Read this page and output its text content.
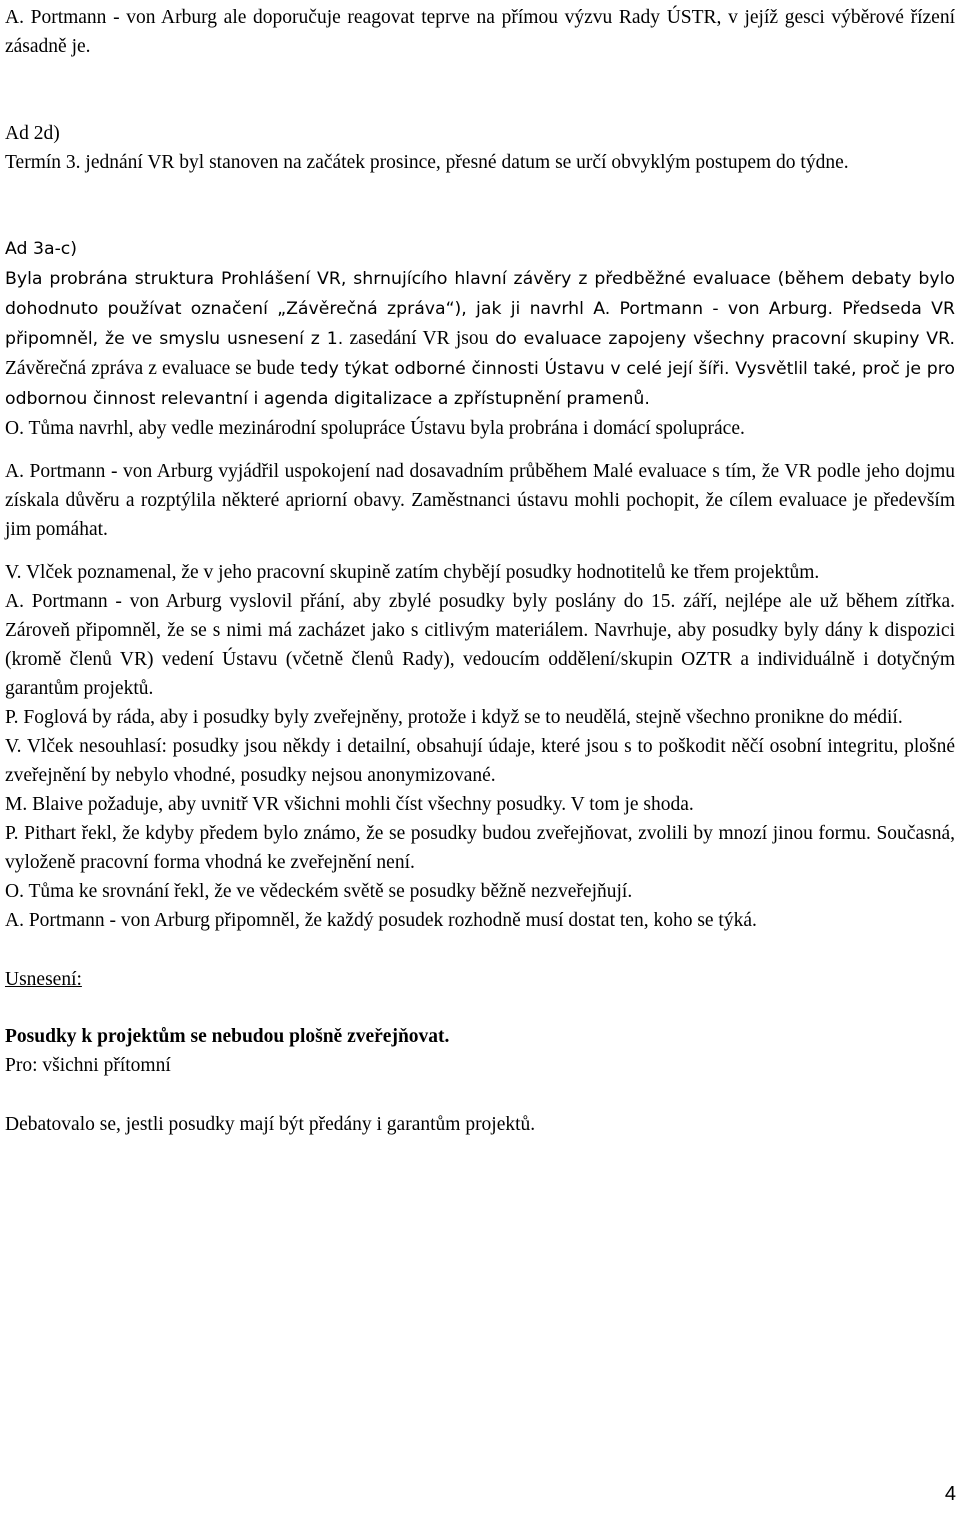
A. Portmann - von Arburg ale doporučuje reagovat teprve na přímou výzvu Rady ÚSTR, v jejíž gesci výběrové řízení zásadně je.

Ad 2d)

Termín 3. jednání VR byl stanoven na začátek prosince, přesné datum se určí obvyklým postupem do týdne.

Ad 3a-c)

Byla probrána struktura Prohlášení VR, shrnujícího hlavní závěry z předběžné evaluace (během debaty bylo dohodnuto používat označení „Závěrečná zpráva“), jak ji navrhl A. Portmann - von Arburg. Předseda VR připomněl, že ve smyslu usnesení z 1. zasedání VR jsou do evaluace zapojeny všechny pracovní skupiny VR. Závěrečná zpráva z evaluace se bude tedy týkat odborné činnosti Ústavu v celé její šíři. Vysvětlil také, proč je pro odbornou činnost relevantní i agenda digitalizace a zpřístupnění pramenů.

O. Tůma navrhl, aby vedle mezinárodní spolupráce Ústavu byla probrána i domácí spolupráce.

A. Portmann - von Arburg vyjádřil uspokojení nad dosavadním průběhem Malé evaluace s tím, že VR podle jeho dojmu získala důvěru a rozptýlila některé apriorní obavy. Zaměstnanci ústavu mohli pochopit, že cílem evaluace je především jim pomáhat.

V. Vlček poznamenal, že v jeho pracovní skupině zatím chybějí posudky hodnotitelů ke třem projektům.

A. Portmann - von Arburg vyslovil přání, aby zbylé posudky byly poslány do 15. září, nejlépe ale už během zítřka. Zároveň připomněl, že se s nimi má zacházet jako s citlivým materiálem. Navrhuje, aby posudky byly dány k dispozici (kromě členů VR) vedení Ústavu (včetně členů Rady), vedoucím oddělení/skupin OZTR a individuálně i dotyčným garantům projektů.

P. Foglová by ráda, aby i posudky byly zveřejněny, protože i když se to neudělá, stejně všechno pronikne do médií.

V. Vlček nesouhlasí: posudky jsou někdy i detailní, obsahují údaje, které jsou s to poškodit něčí osobní integritu, plošné zveřejnění by nebylo vhodné, posudky nejsou anonymizované.

M. Blaive požaduje, aby uvnitř VR všichni mohli číst všechny posudky. V tom je shoda.

P. Pithart řekl, že kdyby předem bylo známo, že se posudky budou zveřejňovat, zvolili by mnozí jinou formu. Současná, vyloženě pracovní forma vhodná ke zveřejnění není.

O. Tůma ke srovnání řekl, že ve vědeckém světě se posudky běžně nezveřejňují.

A. Portmann - von Arburg připomněl, že každý posudek rozhodně musí dostat ten, koho se týká.

Usnesení:

Posudky k projektům se nebudou plošně zveřejňovat.

Pro: všichni přítomní

Debatovalo se, jestli posudky mají být předány i garantům projektů.

4
